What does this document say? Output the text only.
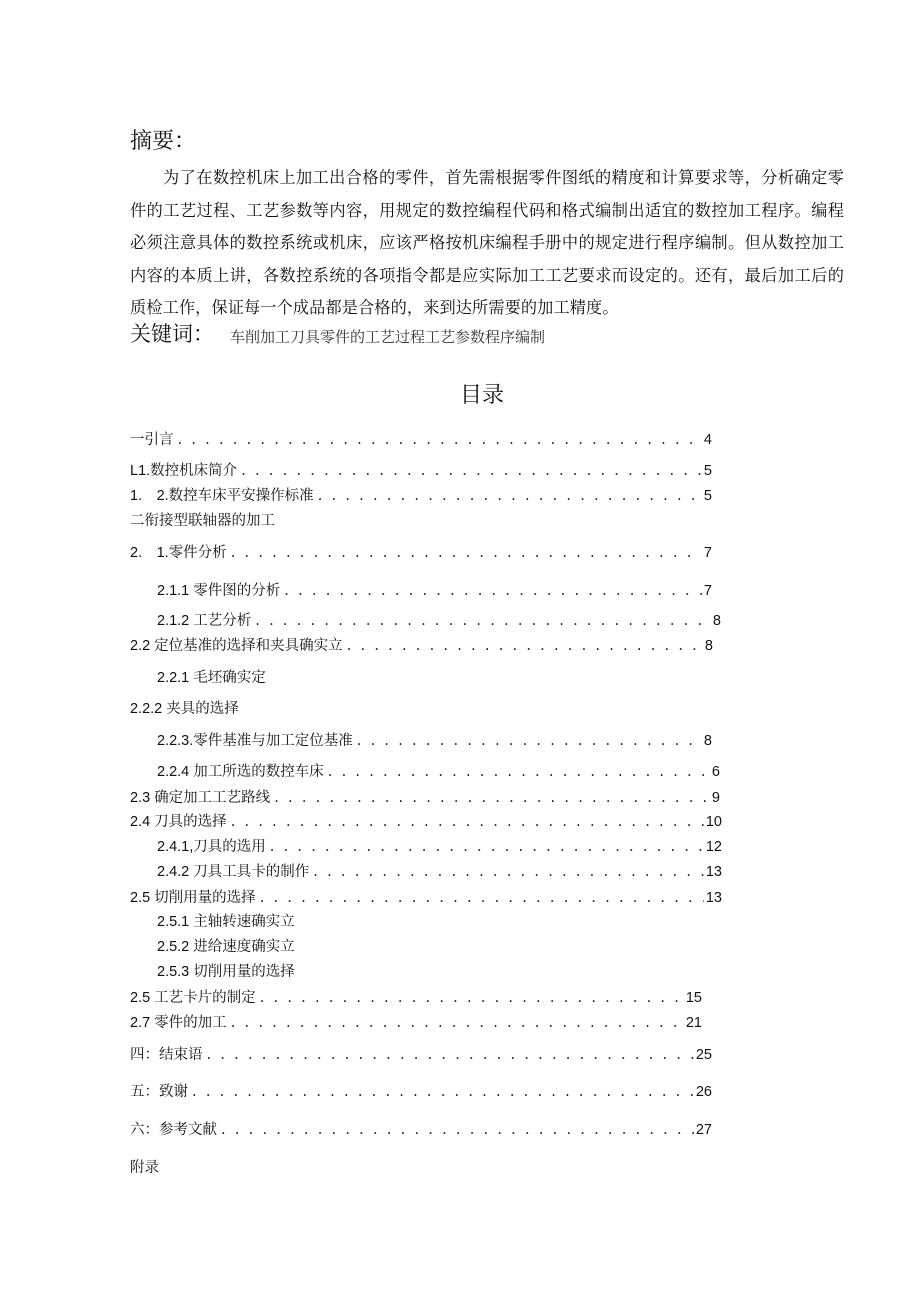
摘要：
为了在数控机床上加工出合格的零件，首先需根据零件图纸的精度和计算要求等，分析确定零件的工艺过程、工艺参数等内容，用规定的数控编程代码和格式编制出适宜的数控加工程序。编程必须注意具体的数控系统或机床，应该严格按机床编程手册中的规定进行程序编制。但从数控加工内容的本质上讲，各数控系统的各项指令都是应实际加工工艺要求而设定的。还有，最后加工后的质检工作，保证每一个成品都是合格的，来到达所需要的加工精度。
关键词： 车削加工刀具零件的工艺过程工艺参数程序编制
目录
一引言 . . .	4
L1.数控机床简介 . . .	5
1.　2.数控车床平安操作标准 . . .	5
二衔接型联轴器的加工
2.　1.零件分析 . . .	7
2.1.1 零件图的分析 . . .	7
2.1.2 工艺分析 . . .	8
2.2 定位基准的选择和夹具确实立 . . .	8
2.2.1 毛坯确实定
2.2.2 夹具的选择
2.2.3.零件基准与加工定位基准 . . .	8
2.2.4 加工所选的数控车床 . . .	6
2.3 确定加工工艺路线 . . .	9
2.4 刀具的选择 . . .	10
2.4.1,刀具的选用 . . .	12
2.4.2 刀具工具卡的制作 . . .	13
2.5 切削用量的选择 . . .	13
2.5.1 主轴转速确实立
2.5.2 进给速度确实立
2.5.3 切削用量的选择
2.5 工艺卡片的制定 . . .	15
2.7 零件的加工 . . .	21
四：结束语 . . .	25
五：致谢 . . .	26
六：参考文献 . . .	27
附录
